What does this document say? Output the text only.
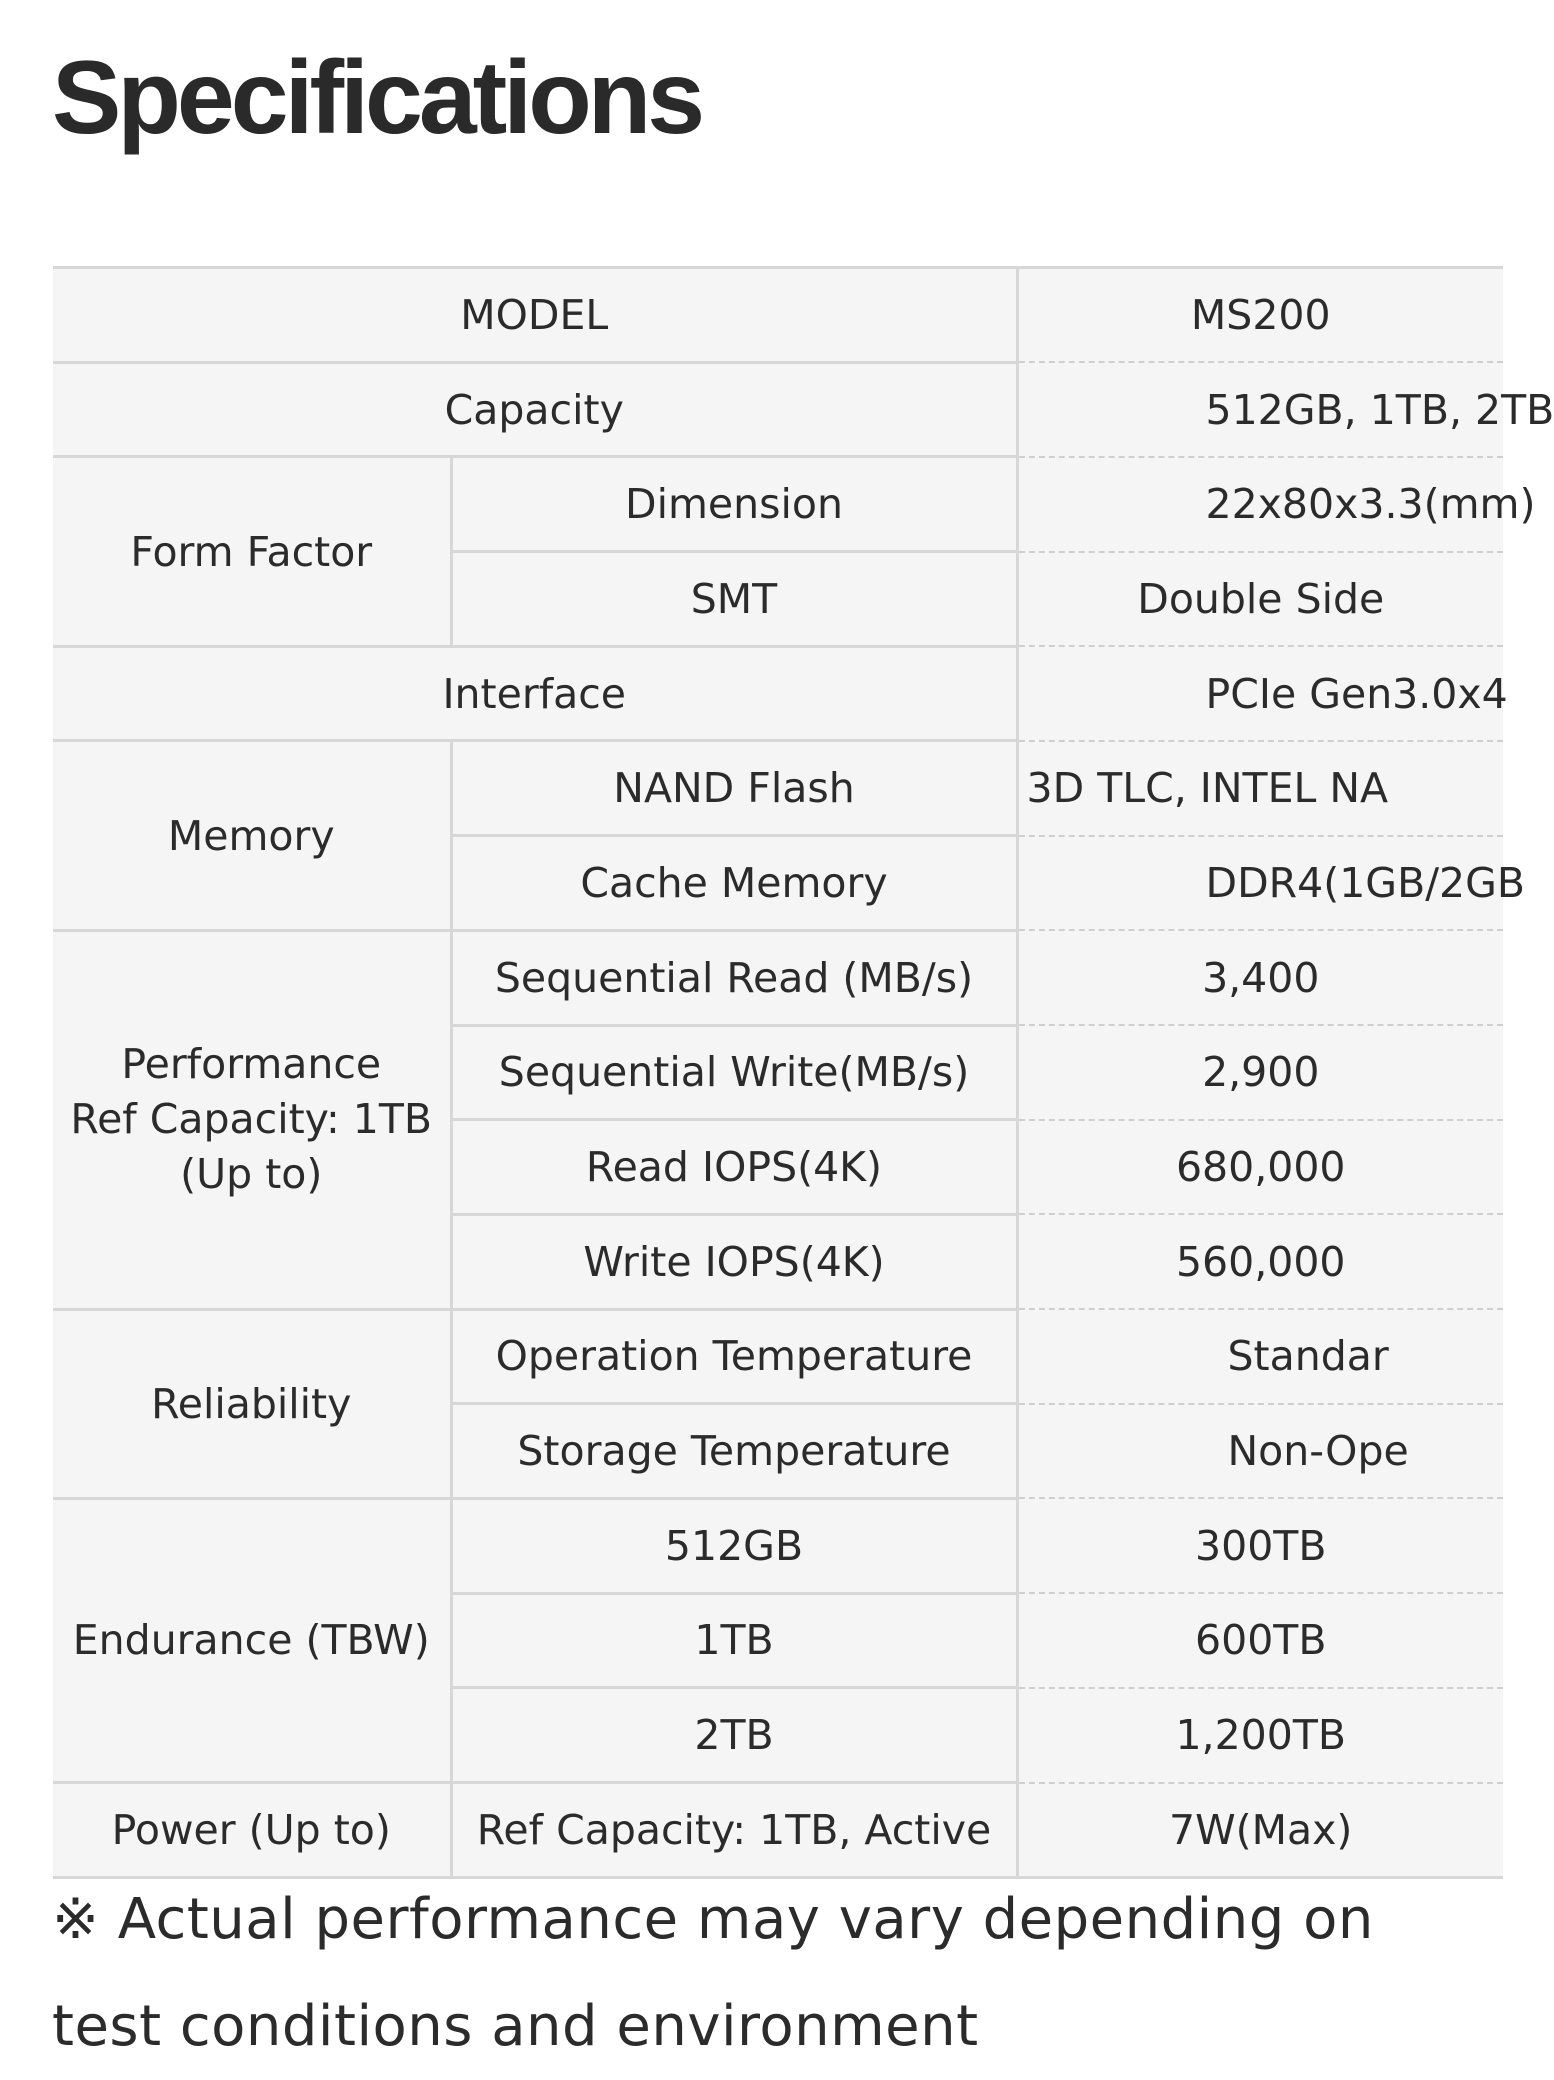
Specifications
MODEL		MS200
Capacity		512GB, 1TB, 2TB
Form Factor	Dimension	22x80x3.3(mm)
	SMT	Double Side
Interface		PCIe Gen3.0x4
Memory	NAND Flash	3D TLC, INTEL NA
	Cache Memory	DDR4(1GB/2GB
Performance
Ref Capacity: 1TB
(Up to)	Sequential Read (MB/s)	3,400
	Sequential Write(MB/s)	2,900
	Read IOPS(4K)	680,000
	Write IOPS(4K)	560,000
Reliability	Operation Temperature	Standar
	Storage Temperature	Non-Ope
Endurance (TBW)	512GB	300TB
	1TB	600TB
	2TB	1,200TB
Power (Up to)	Ref Capacity: 1TB, Active	7W(Max)

※ Actual performance may vary depending on test conditions and environment
